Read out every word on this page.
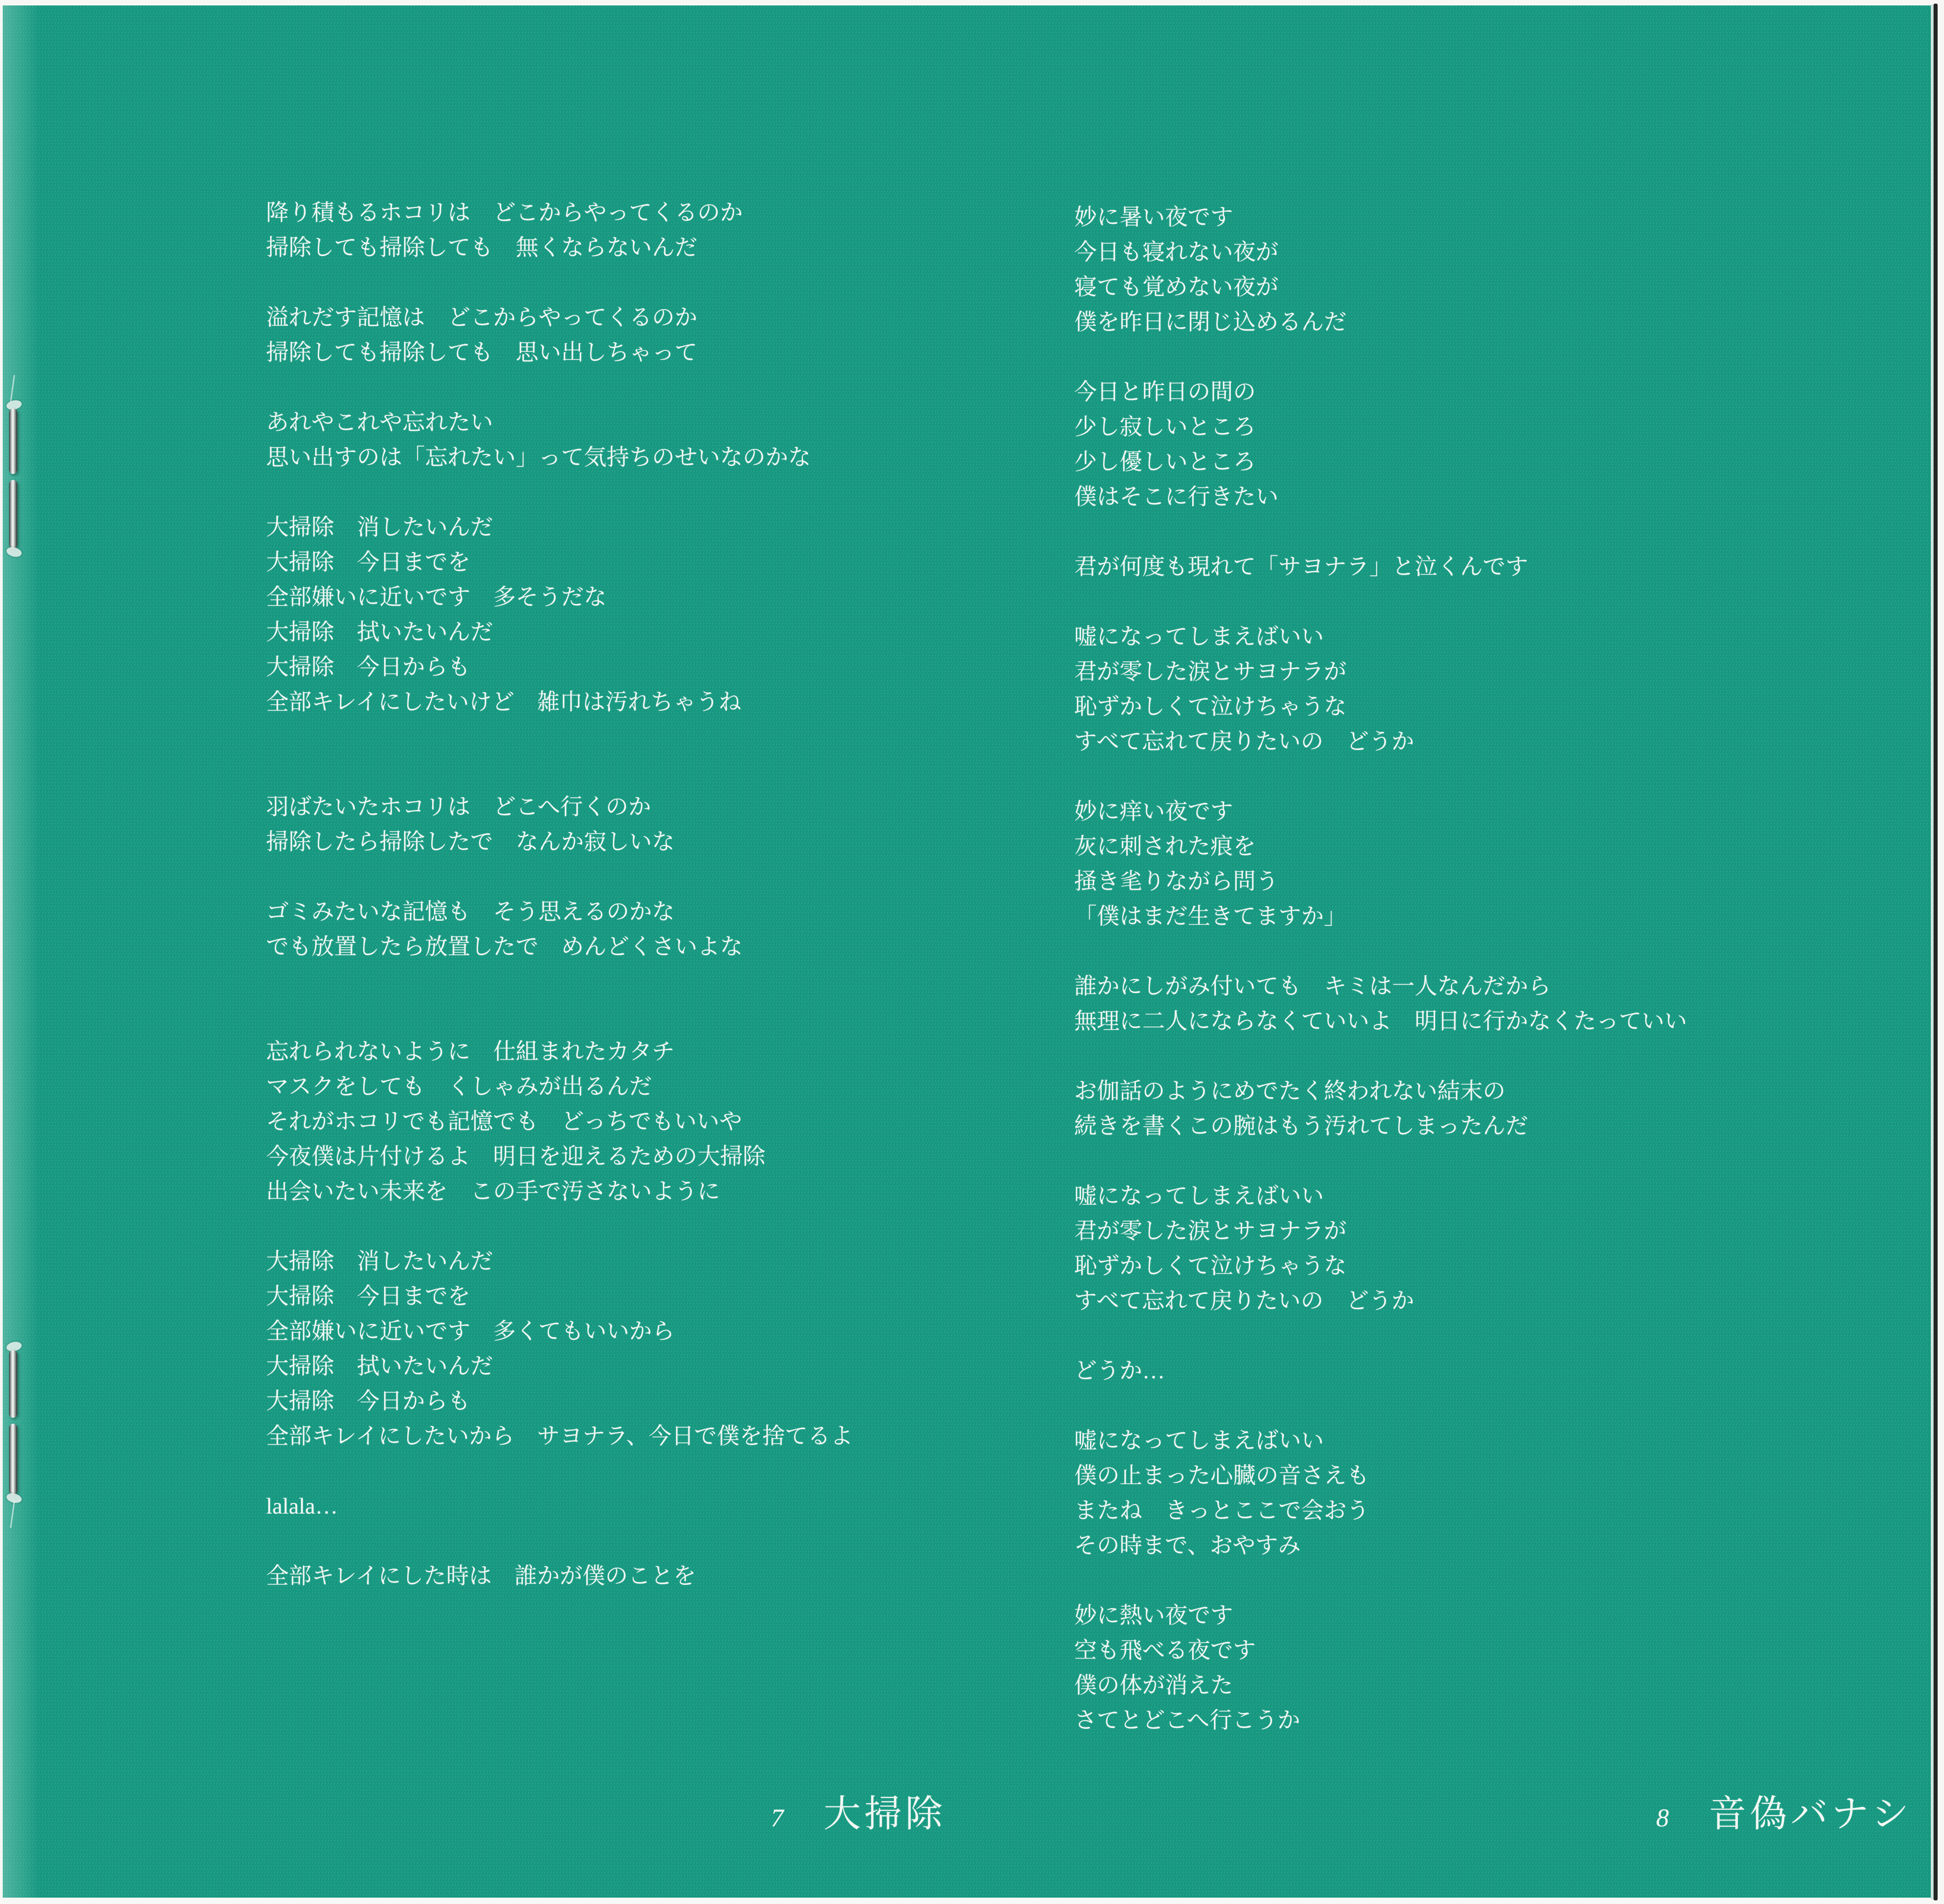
降り積もるホコリは　どこからやってくるのか
掃除しても掃除しても　無くならないんだ
溢れだす記憶は　どこからやってくるのか
掃除しても掃除しても　思い出しちゃって
あれやこれや忘れたい
思い出すのは「忘れたい」って気持ちのせいなのかな
大掃除　消したいんだ
大掃除　今日までを
全部嫌いに近いです　多そうだな
大掃除　拭いたいんだ
大掃除　今日からも
全部キレイにしたいけど　雑巾は汚れちゃうね
羽ばたいたホコリは　どこへ行くのか
掃除したら掃除したで　なんか寂しいな
ゴミみたいな記憶も　そう思えるのかな
でも放置したら放置したで　めんどくさいよな
忘れられないように　仕組まれたカタチ
マスクをしても　くしゃみが出るんだ
それがホコリでも記憶でも　どっちでもいいや
今夜僕は片付けるよ　明日を迎えるための大掃除
出会いたい未来を　この手で汚さないように
大掃除　消したいんだ
大掃除　今日までを
全部嫌いに近いです　多くてもいいから
大掃除　拭いたいんだ
大掃除　今日からも
全部キレイにしたいから　サヨナラ、今日で僕を捨てるよ
lalala…
全部キレイにした時は　誰かが僕のことを
妙に暑い夜です
今日も寝れない夜が
寝ても覚めない夜が
僕を昨日に閉じ込めるんだ
今日と昨日の間の
少し寂しいところ
少し優しいところ
僕はそこに行きたい
君が何度も現れて「サヨナラ」と泣くんです
嘘になってしまえばいい
君が零した涙とサヨナラが
恥ずかしくて泣けちゃうな
すべて忘れて戻りたいの　どうか
妙に痒い夜です
灰に刺された痕を
掻き毟りながら問う
「僕はまだ生きてますか」
誰かにしがみ付いても　キミは一人なんだから
無理に二人にならなくていいよ　明日に行かなくたっていい
お伽話のようにめでたく終われない結末の
続きを書くこの腕はもう汚れてしまったんだ
嘘になってしまえばいい
君が零した涙とサヨナラが
恥ずかしくて泣けちゃうな
すべて忘れて戻りたいの　どうか
どうか…
嘘になってしまえばいい
僕の止まった心臓の音さえも
またね　きっとここで会おう
その時まで、おやすみ
妙に熱い夜です
空も飛べる夜です
僕の体が消えた
さてとどこへ行こうか
7 大掃除	8 音偽バナシ
